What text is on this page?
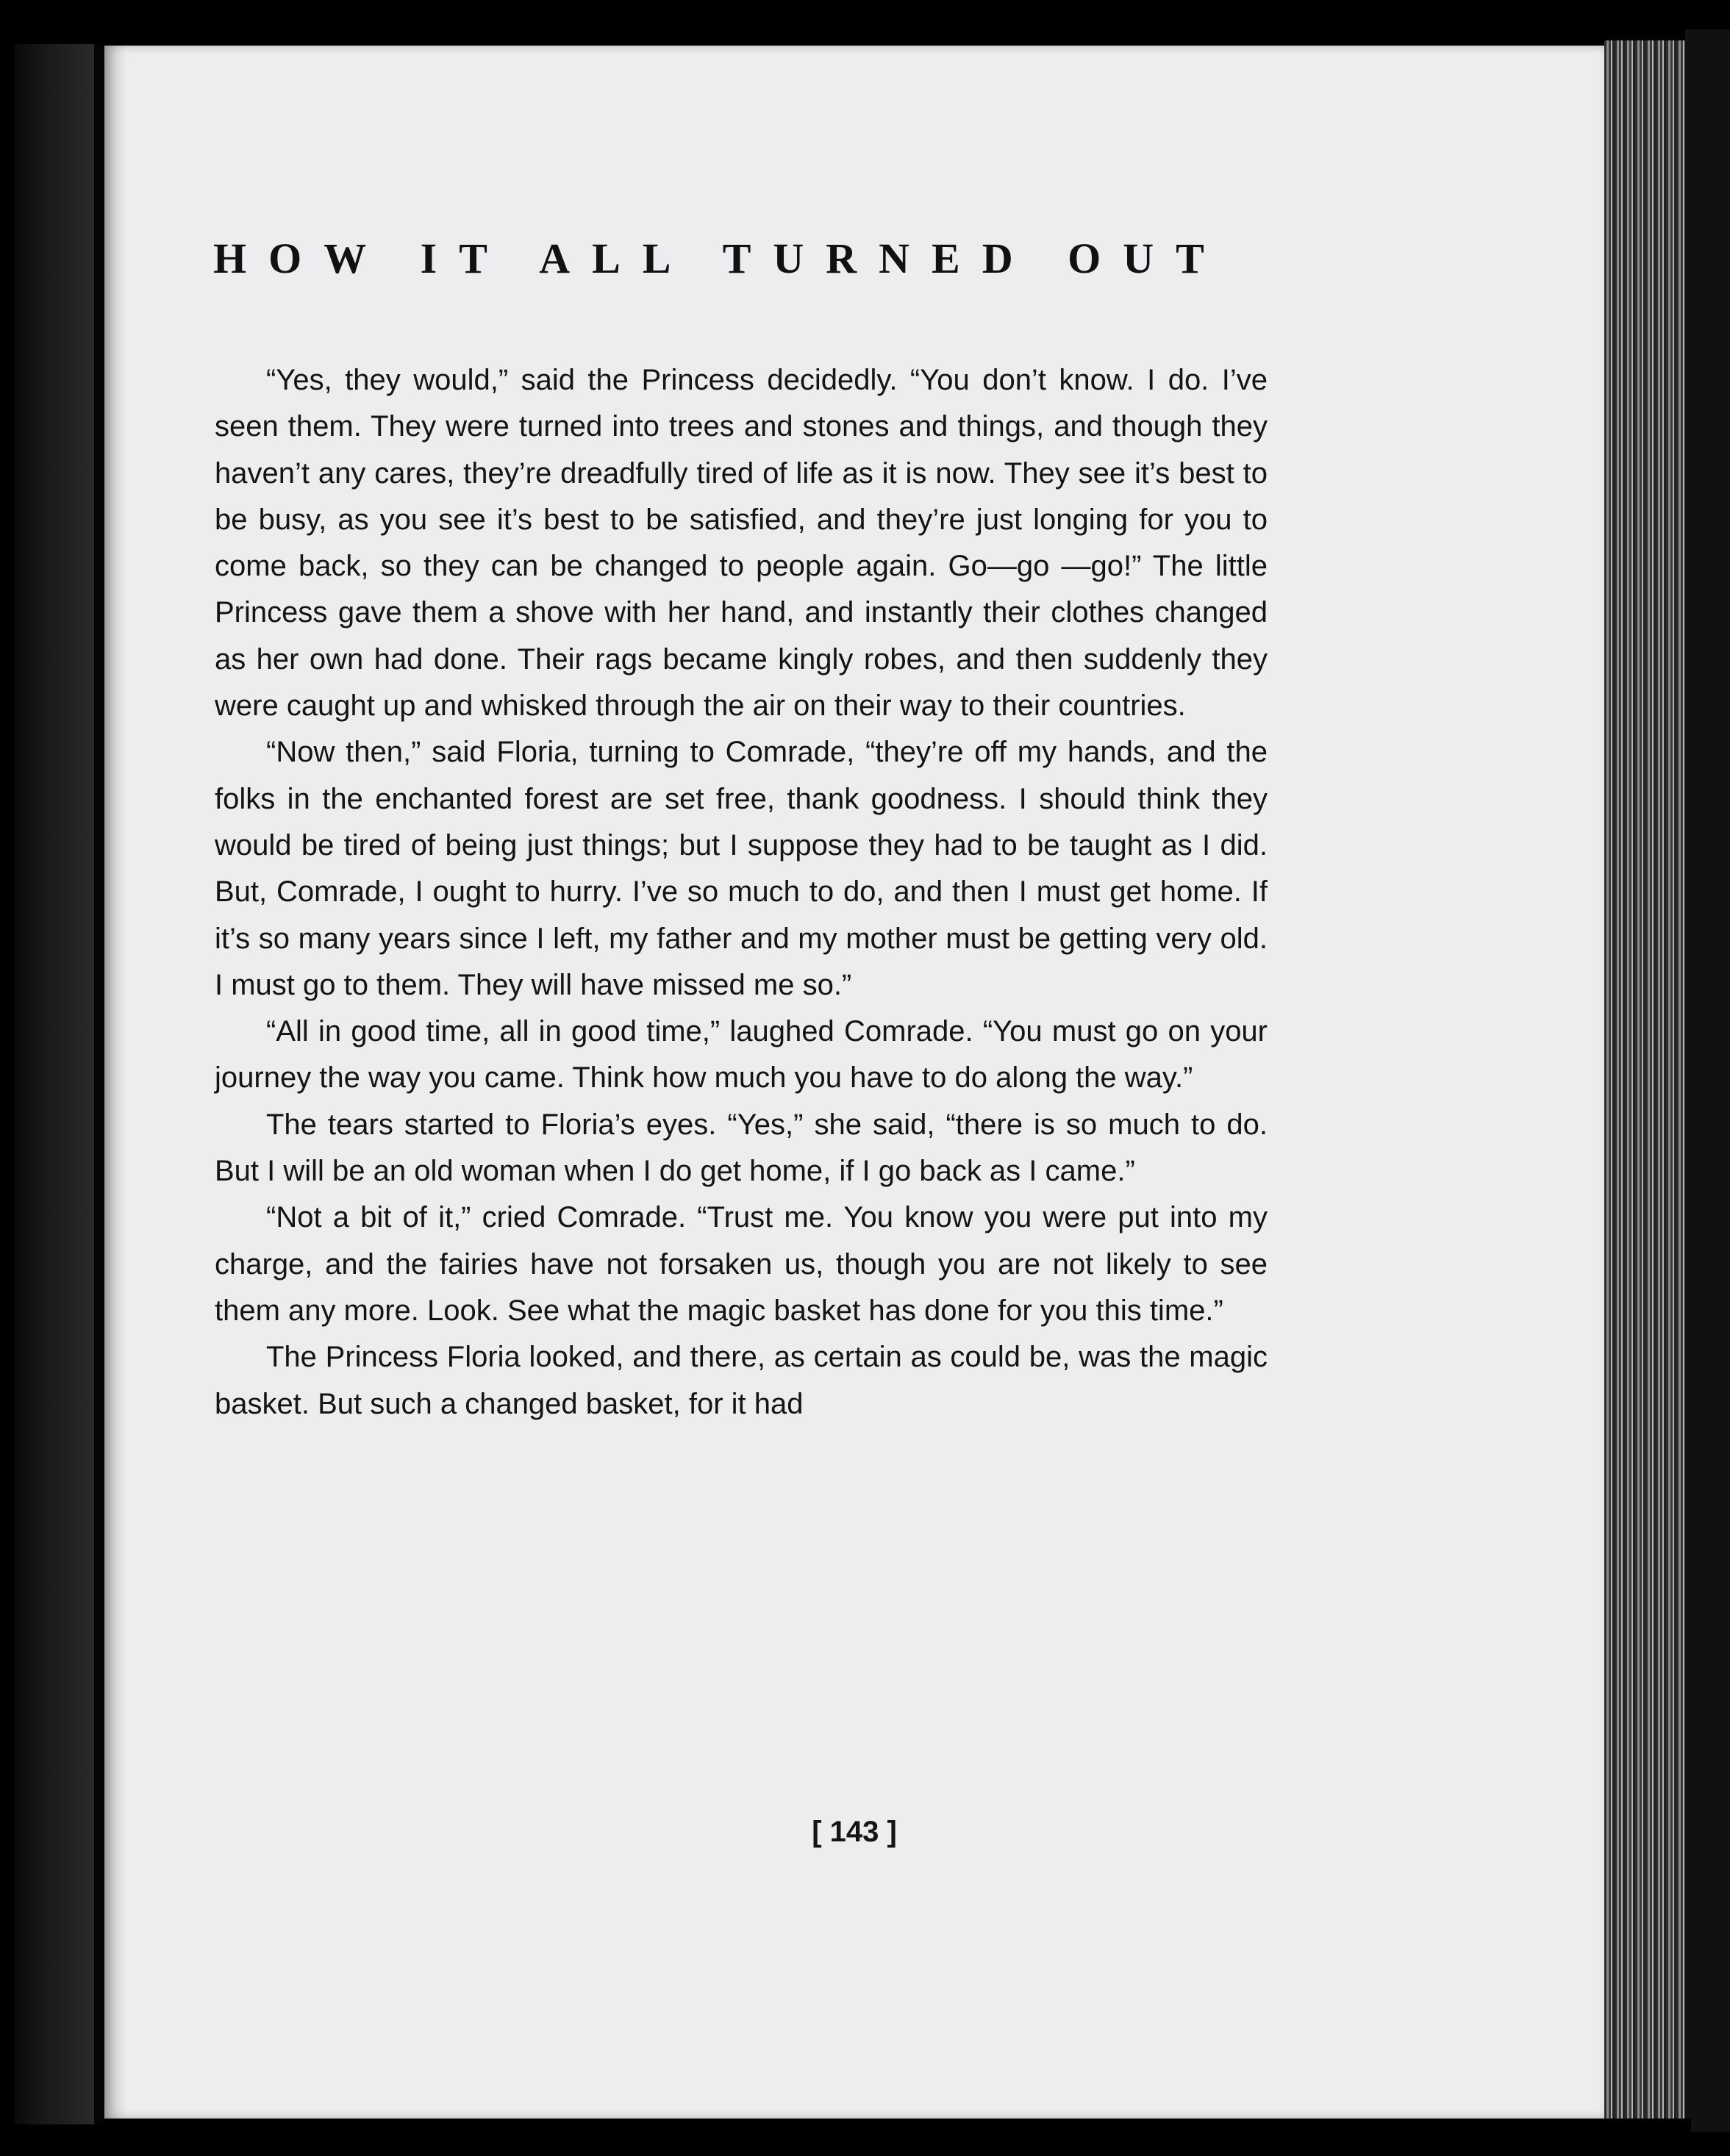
[ 143 ]
HOW IT ALL TURNED OUT

“Yes, they would,” said the Princess decidedly. “You don’t know. I do. I’ve seen them. They were turned into trees and stones and things, and though they haven’t any cares, they’re dreadfully tired of life as it is now. They see it’s best to be busy, as you see it’s best to be satisfied, and they’re just longing for you to come back, so they can be changed to people again. Go—go —go!” The little Princess gave them a shove with her hand, and instantly their clothes changed as her own had done. Their rags became kingly robes, and then suddenly they were caught up and whisked through the air on their way to their countries.

“Now then,” said Floria, turning to Comrade, “they’re off my hands, and the folks in the enchanted forest are set free, thank goodness. I should think they would be tired of being just things; but I suppose they had to be taught as I did. But, Comrade, I ought to hurry. I’ve so much to do, and then I must get home. If it’s so many years since I left, my father and my mother must be getting very old. I must go to them. They will have missed me so.”

“All in good time, all in good time,” laughed Comrade. “You must go on your journey the way you came. Think how much you have to do along the way.”

The tears started to Floria’s eyes. “Yes,” she said, “there is so much to do. But I will be an old woman when I do get home, if I go back as I came.”

“Not a bit of it,” cried Comrade. “Trust me. You know you were put into my charge, and the fairies have not forsaken us, though you are not likely to see them any more. Look. See what the magic basket has done for you this time.”

The Princess Floria looked, and there, as certain as could be, was the magic basket. But such a changed basket, for it had
